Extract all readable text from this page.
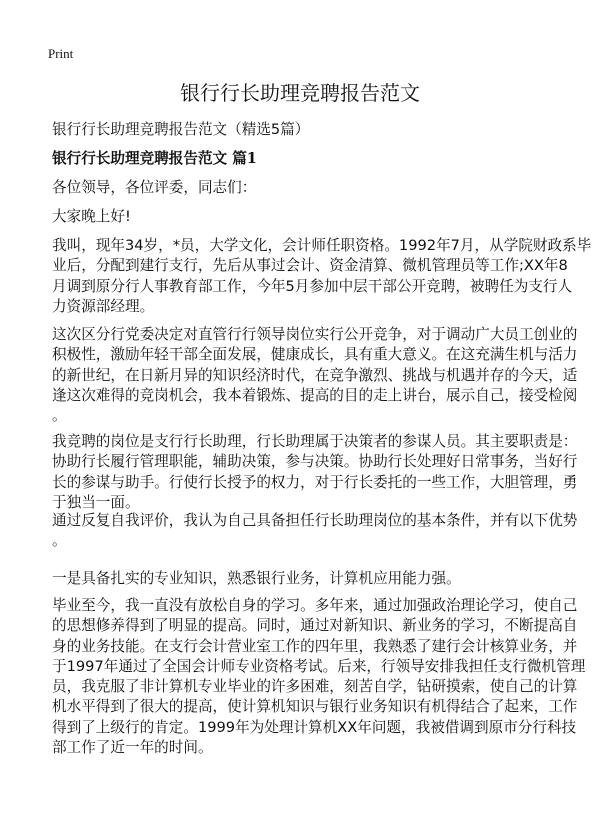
Print
银行行长助理竞聘报告范文
银行行长助理竞聘报告范文（精选5篇）
银行行长助理竞聘报告范文 篇1
各位领导，各位评委，同志们：
大家晚上好!
我叫，现年34岁，*员，大学文化，会计师任职资格。1992年7月，从学院财政系毕
业后，分配到建行支行，先后从事过会计、资金清算、微机管理员等工作;XX年8
月调到原分行人事教育部工作，今年5月参加中层干部公开竞聘，被聘任为支行人
力资源部经理。
这次区分行党委决定对直管行行领导岗位实行公开竞争，对于调动广大员工创业的
积极性，激励年轻干部全面发展，健康成长，具有重大意义。在这充满生机与活力
的新世纪，在日新月异的知识经济时代，在竞争激烈、挑战与机遇并存的今天，适
逢这次难得的竞岗机会，我本着锻炼、提高的目的走上讲台，展示自己，接受检阅
。
我竞聘的岗位是支行行长助理，行长助理属于决策者的参谋人员。其主要职责是：
协助行长履行管理职能，辅助决策，参与决策。协助行长处理好日常事务，当好行
长的参谋与助手。行使行长授予的权力，对于行长委托的一些工作，大胆管理，勇
于独当一面。
通过反复自我评价，我认为自己具备担任行长助理岗位的基本条件，并有以下优势
。
一是具备扎实的专业知识，熟悉银行业务，计算机应用能力强。
毕业至今，我一直没有放松自身的学习。多年来，通过加强政治理论学习，使自己
的思想修养得到了明显的提高。同时，通过对新知识、新业务的学习，不断提高自
身的业务技能。在支行会计营业室工作的四年里，我熟悉了建行会计核算业务，并
于1997年通过了全国会计师专业资格考试。后来，行领导安排我担任支行微机管理
员，我克服了非计算机专业毕业的许多困难，刻苦自学，钻研摸索，使自己的计算
机水平得到了很大的提高，使计算机知识与银行业务知识有机得结合了起来，工作
得到了上级行的肯定。1999年为处理计算机XX年问题，我被借调到原市分行科技
部工作了近一年的时间。
